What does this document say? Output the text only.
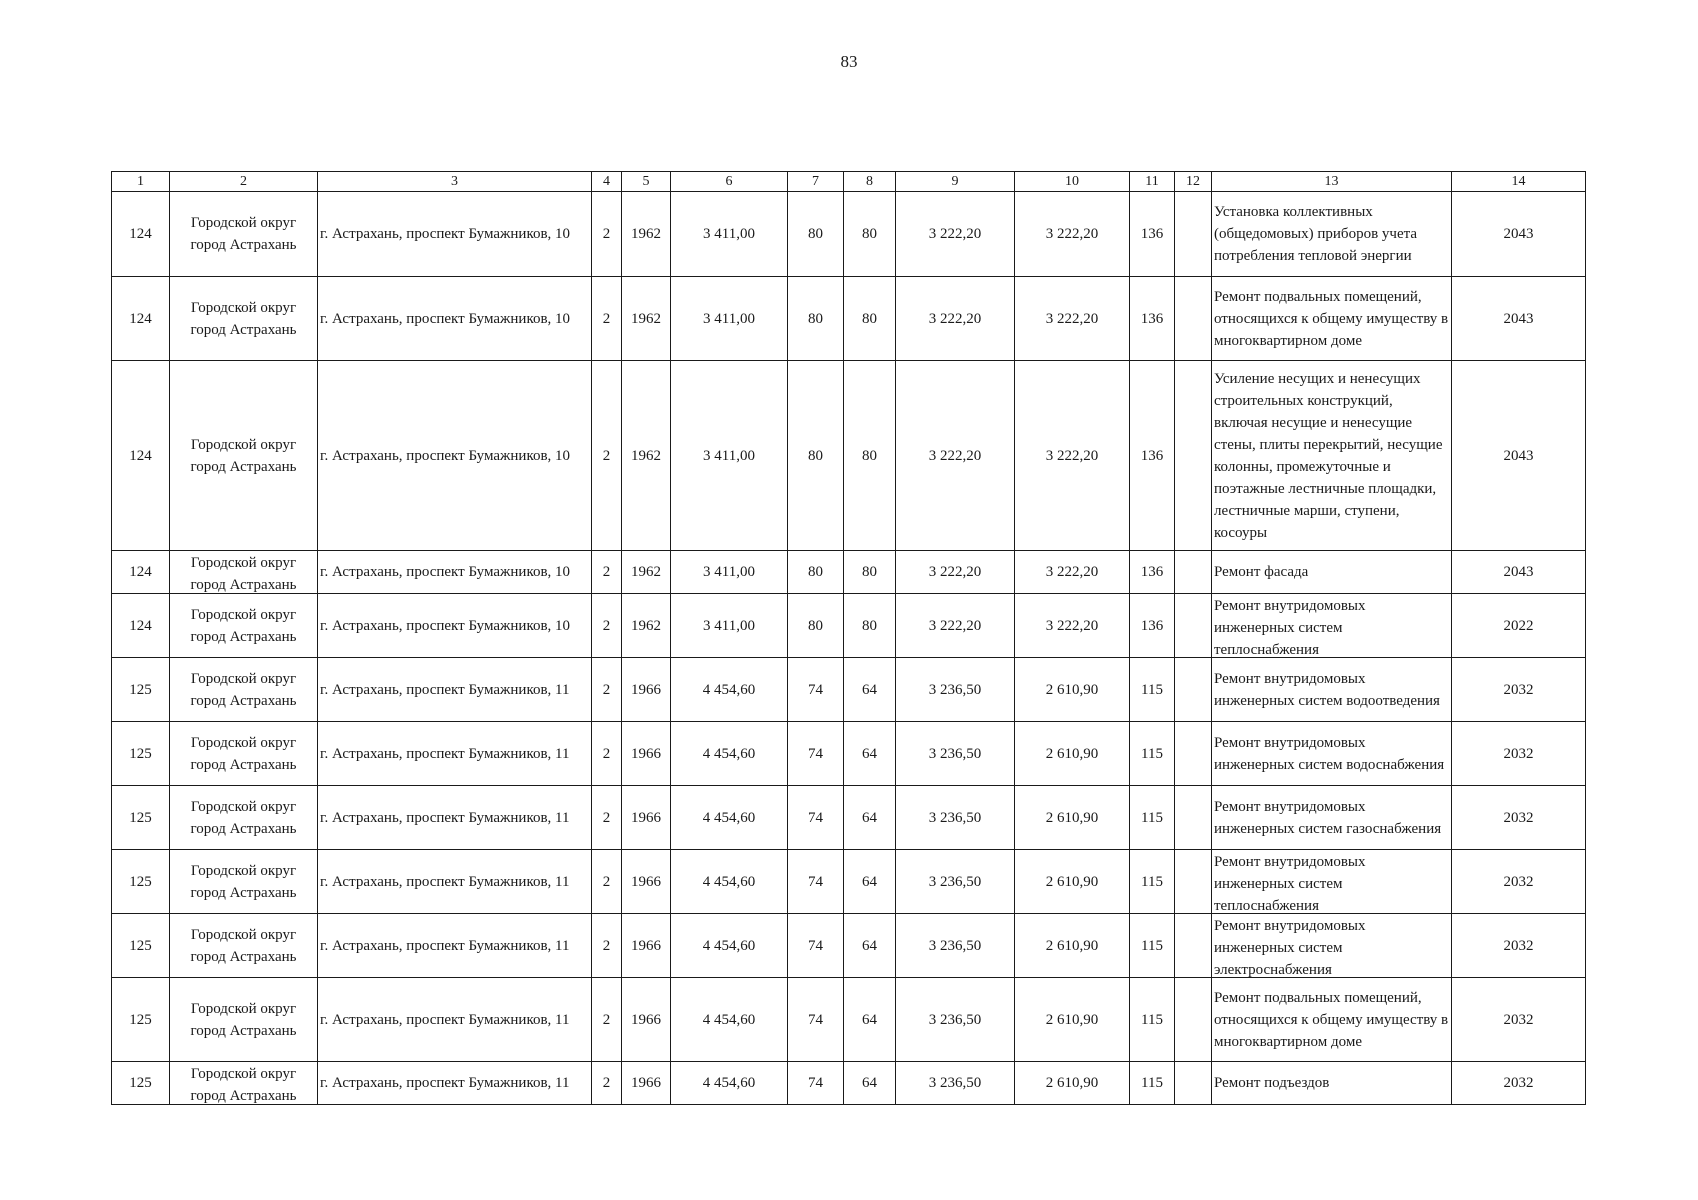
83
1	2	3	4	5	6	7	8	9	10	11	12	13	14

124	Городской округ город Астрахань	г. Астрахань, проспект Бумажников, 10	2	1962	3 411,00	80	80	3 222,20	3 222,20	136		Установка коллективных (общедомовых) приборов учета потребления тепловой энергии	2043

124	Городской округ город Астрахань	г. Астрахань, проспект Бумажников, 10	2	1962	3 411,00	80	80	3 222,20	3 222,20	136		Ремонт подвальных помещений, относящихся к общему имуществу в многоквартирном доме	2043

124	Городской округ город Астрахань	г. Астрахань, проспект Бумажников, 10	2	1962	3 411,00	80	80	3 222,20	3 222,20	136		Усиление несущих и ненесущих строительных конструкций, включая несущие и ненесущие стены, плиты перекрытий, несущие колонны, промежуточные и поэтажные лестничные площадки, лестничные марши, ступени, косоуры	2043

124	Городской округ город Астрахань	г. Астрахань, проспект Бумажников, 10	2	1962	3 411,00	80	80	3 222,20	3 222,20	136		Ремонт фасада	2043

124	Городской округ город Астрахань	г. Астрахань, проспект Бумажников, 10	2	1962	3 411,00	80	80	3 222,20	3 222,20	136		Ремонт внутридомовых инженерных систем теплоснабжения	2022

125	Городской округ город Астрахань	г. Астрахань, проспект Бумажников, 11	2	1966	4 454,60	74	64	3 236,50	2 610,90	115		Ремонт внутридомовых инженерных систем водоотведения	2032

125	Городской округ город Астрахань	г. Астрахань, проспект Бумажников, 11	2	1966	4 454,60	74	64	3 236,50	2 610,90	115		Ремонт внутридомовых инженерных систем водоснабжения	2032

125	Городской округ город Астрахань	г. Астрахань, проспект Бумажников, 11	2	1966	4 454,60	74	64	3 236,50	2 610,90	115		Ремонт внутридомовых инженерных систем газоснабжения	2032

125	Городской округ город Астрахань	г. Астрахань, проспект Бумажников, 11	2	1966	4 454,60	74	64	3 236,50	2 610,90	115		Ремонт внутридомовых инженерных систем теплоснабжения	2032

125	Городской округ город Астрахань	г. Астрахань, проспект Бумажников, 11	2	1966	4 454,60	74	64	3 236,50	2 610,90	115		Ремонт внутридомовых инженерных систем электроснабжения	2032

125	Городской округ город Астрахань	г. Астрахань, проспект Бумажников, 11	2	1966	4 454,60	74	64	3 236,50	2 610,90	115		Ремонт подвальных помещений, относящихся к общему имуществу в многоквартирном доме	2032

125	Городской округ город Астрахань	г. Астрахань, проспект Бумажников, 11	2	1966	4 454,60	74	64	3 236,50	2 610,90	115		Ремонт подъездов	2032
